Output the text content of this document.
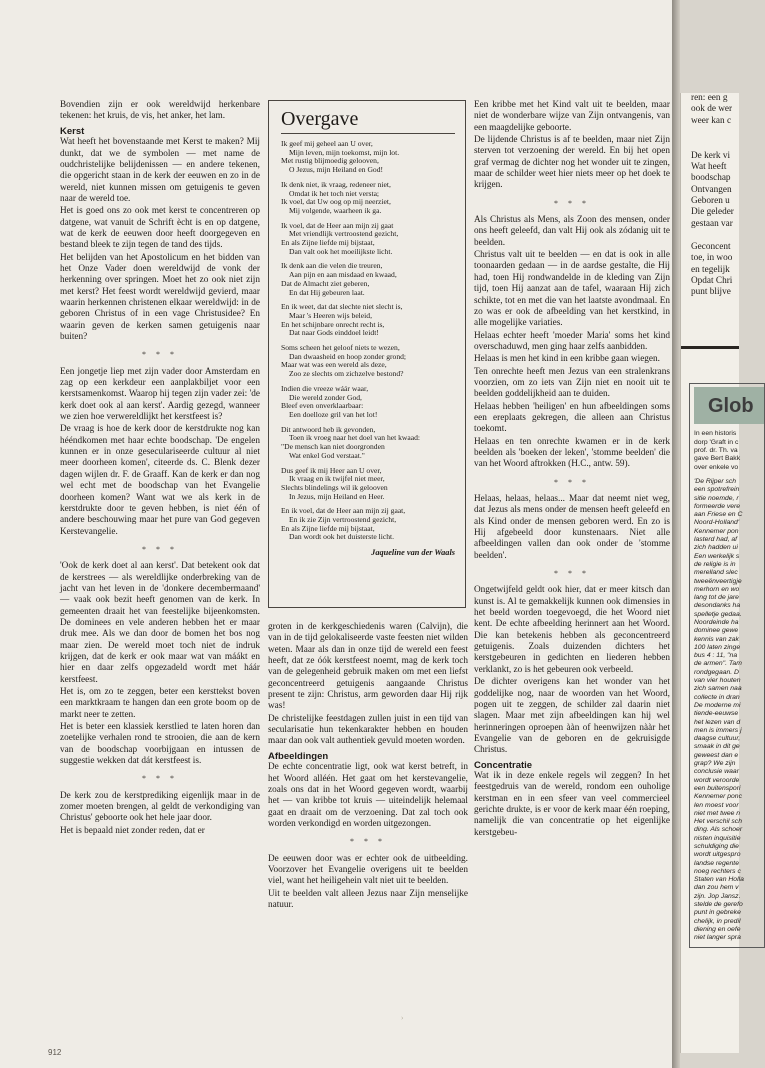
Bovendien zijn er ook wereldwijd herkenbare tekenen: het kruis, de vis, het anker, het lam.

Kerst

Wat heeft het bovenstaande met Kerst te maken? Mij dunkt, dat we de symbolen — met name de oudchristelijke belijdenissen — en andere tekenen, die opgericht staan in de kerk der eeuwen en zo in de wereld, niet kunnen missen om getuigenis te geven naar de wereld toe.

Het is goed ons zo ook met kerst te concentreren op datgene, wat vanuit de Schrift ècht is en op datgene, wat de kerk de eeuwen door heeft doorgegeven en bestand bleek te zijn tegen de tand des tijds.

Het belijden van het Apostolicum en het bidden van het Onze Vader doen wereldwijd de vonk der herkenning over springen. Moet het zo ook niet zijn met kerst? Het feest wordt wereldwijd gevierd, maar waarin herkennen christenen elkaar wereldwijd: in de geboren Christus of in een vage Christusidee? En waarin geven de kerken samen getuigenis naar buiten?

* * *

Een jongetje liep met zijn vader door Amsterdam en zag op een kerkdeur een aanplakbiljet voor een kerstsamenkomst. Waarop hij tegen zijn vader zei: 'de kerk doet ook al aan kerst'. Aardig gezegd, wanneer we zien hoe verwereldlijkt het kerstfeest is?

De vraag is hoe de kerk door de kerstdrukte nog kan hééndkomen met haar echte boodschap. 'De engelen kunnen er in onze geseculariseerde cultuur al niet meer doorheen komen', citeerde ds. C. Blenk dezer dagen wijlen dr. F. de Graaff. Kan de kerk er dan nog wel echt met de boodschap van het Evangelie doorheen komen? Want wat we als kerk in de kerstdrukte door te geven hebben, is niet één of andere beschouwing maar het pure van God gegeven Kerstevangelie.

* * *

'Ook de kerk doet al aan kerst'. Dat betekent ook dat de kerstrees — als wereldlijke onderbreking van de jacht van het leven in de 'donkere decembermaand' — vaak ook bezit heeft genomen van de kerk. In gemeenten draait het van feestelijke bijeenkomsten. De dominees en vele anderen hebben het er maar druk mee. Als we dan door de bomen het bos nog maar zien. De wereld moet toch niet de indruk krijgen, dat de kerk er ook maar wat van máákt en hier en daar zelfs opgezadeld wordt met háár kerstfeest.

Het is, om zo te zeggen, beter een kersttekst boven een marktkraam te hangen dan een grote boom op de markt neer te zetten.

Het is beter een klassiek kerstlied te laten horen dan zoetelijke verhalen rond te strooien, die aan de kern van de boodschap voorbijgaan en intussen de suggestie wekken dat dát kerstfeest is.

* * *

De kerk zou de kerstprediking eigenlijk maar in de zomer moeten brengen, al geldt de verkondiging van Christus' geboorte ook het hele jaar door.

Het is bepaald niet zonder reden, dat er

Overgave
Ik geef mij geheel aan U over,
Mijn leven, mijn toekomst, mijn lot.
Met rustig blijmoedig gelooven,
O Jezus, mijn Heiland en God!
Ik denk niet, ik vraag, redeneer niet,
Omdat ik het toch niet versta;
Ik voel, dat Uw oog op mij neerziet,
Mij volgende, waarheen ik ga.
Ik voel, dat de Heer aan mijn zij gaat
Met vriendlijk vertroostend gezicht,
En als Zijne liefde mij bijstaat,
Dan valt ook het moeilijkste licht.
Ik denk aan die velen die treuren,
Aan pijn en aan misdaad en kwaad,
Dat de Almacht ziet geberen,
En dat Hij gebeuren laat.
En ik weet, dat dat slechte niet slecht is,
Maar 's Heeren wijs beleid,
En het schijnbare onrecht recht is,
Dat naar Gods einddoel leidt!
Soms scheen het geloof niets te wezen,
Dan dwaasheid en hoop zonder grond;
Maar wat was een wereld als deze,
Zoo ze slechts om zichzelve bestond?
Indien die vreeze wáár waar,
Die wereld zonder God,
Bleef even onverklaarbaar:
Een doelloze gril van het lot!
Dit antwoord heb ik gevonden,
Toen ik vroeg naar het doel van het kwaad:
"De mensch kan niet doorgronden
Wat enkel God verstaat."
Dus geef ik mij Heer aan U over,
Ik vraag en ik twijfel niet meer,
Slechts blindelings wil ik gelooven
In Jezus, mijn Heiland en Heer.
En ik voel, dat de Heer aan mijn zij gaat,
En ik zie Zijn vertroostend gezicht,
En als Zijne liefde mij bijstaat,
Dan wordt ook het duisterste licht.
Jaqueline van der Waals

groten in de kerkgeschiedenis waren (Calvijn), die van in de tijd gelokaliseerde vaste feesten niet wilden weten. Maar als dan in onze tijd de wereld een feest heeft, dat ze óók kerstfeest noemt, mag de kerk toch van de gelegenheid gebruik maken om met een liefst geconcentreerd getuigenis aangaande Christus present te zijn: Christus, arm geworden daar Hij rijk was!

De christelijke feestdagen zullen juist in een tijd van secularisatie hun tekenkarakter hebben en houden maar dan ook valt authentiek gevuld moeten worden.

Afbeeldingen

De echte concentratie ligt, ook wat kerst betreft, in het Woord alléén. Het gaat om het kerstevangelie, zoals ons dat in het Woord gegeven wordt, waarbij het — van kribbe tot kruis — uiteindelijk helemaal gaat en draait om de verzoening. Dat zal toch ook worden verkondigd en worden uitgezongen.

* * *

De eeuwen door was er echter ook de uitbeelding. Voorzover het Evangelie overigens uit te beelden viel, want het heiligehein valt niet uit te beelden.

Uit te beelden valt alleen Jezus naar Zijn menselijke natuur.

Een kribbe met het Kind valt uit te beelden, maar niet de wonderbare wijze van Zijn ontvangenis, van een maagdelijke geboorte.

De lijdende Christus is af te beelden, maar niet Zijn sterven tot verzoening der wereld. En bij het open graf vermag de dichter nog het wonder uit te zingen, maar de schilder weet hier niets meer op het doek te krijgen.

* * *

Als Christus als Mens, als Zoon des mensen, onder ons heeft geleefd, dan valt Hij ook als zódanig uit te beelden.

Christus valt uit te beelden — en dat is ook in alle toonaarden gedaan — in de aardse gestalte, die Hij had, toen Hij rondwandelde in de kleding van Zijn tijd, toen Hij aanzat aan de tafel, waaraan Hij zich schikte, tot en met die van het laatste avondmaal. En zo was er ook de afbeelding van het kerstkind, in alle mogelijke variaties.

Helaas echter heeft 'moeder Maria' soms het kind overschaduwd, men ging haar zelfs aanbidden.

Helaas is men het kind in een kribbe gaan wiegen.

Ten onrechte heeft men Jezus van een stralenkrans voorzien, om zo iets van Zijn niet en nooit uit te beelden goddelijkheid aan te duiden.

Helaas hebben 'heiligen' en hun afbeeldingen soms een ereplaats gekregen, die alleen aan Christus toekomt.

Helaas en ten onrechte kwamen er in de kerk beelden als 'boeken der leken', 'stomme beelden' die van het Woord aftrokken (H.C., antw. 59).

* * *

Helaas, helaas, helaas... Maar dat neemt niet weg, dat Jezus als mens onder de mensen heeft geleefd en als Kind onder de mensen geboren werd. En zo is Hij afgebeeld door kunstenaars. Niet alle afbeeldingen vallen dan ook onder de 'stomme beelden'.

* * *

Ongetwijfeld geldt ook hier, dat er meer kitsch dan kunst is. Al te gemakkelijk kunnen ook dimensies in het beeld worden toegevoegd, die het Woord niet kent. De echte afbeelding herinnert aan het Woord. Die kan betekenis hebben als geconcentreerd getuigenis. Zoals duizenden dichters het kerstgebeuren in gedichten en liederen hebben verklankt, zo is het gebeuren ook verbeeld.

De dichter overigens kan het wonder van het goddelijke nog, naar de woorden van het Woord, pogen uit te zeggen, de schilder zal daarin niet slagen. Maar met zijn afbeeldingen kan hij wel herinneringen oproepen ààn of heenwijzen nààr het Evangelie van de geboren en de gekruisigde Christus.

Concentratie

Wat ik in deze enkele regels wil zeggen? In het feestgedruis van de wereld, rondom een ouholige kerstman en in een sfeer van veel commercieel gerichte drukte, is er voor de kerk maar één roeping, namelijk die van concentratie op het eigenlijke kerstgebeu-

912
›
ren: een g
ook de wer
weer kan c
De kerk vi
Wat heeft
boodschap
Ontvangen
Geboren u
Die geleder
gestaan var
Geconcent
toe, in woo
en tegelijk
Opdat Chri
punt blijve
Glob
In een historis
dorp 'Graft in c
prof. dr. Th. va
gave Bert Bakk
over enkele vo
'De Rijper sch
een spotrefrein
sitie noemde, r
formeerde vere
aan Friese en C
Noord-Holland'
Kennemer pon
lasterd had, af
zich hadden ui
Een werkelijk s
de religie is in
merelland slec
tweeënveertigje
merhorn en wo
lang tot de jare
desondanks ha
spelletje gedaa.
Noordeinde ha
dominee gewe
kennis van zak
100 laten zinge
bus 4 : 11, "na
de armen". Tam
rondgegaan. D
van vier houten
zich samen naa
collecte in dran
De moderne mi
tiende-eeuwse
het lezen van d
men is immers j
daagse cultuur,
smaak in dit ge
geweest dan e
grap? We zijn
conclusie waar
wordt veroorde
een buitenspori
Kennemer ponc
len moest voor
niet met twee n
Het verschil sch
ding. Als schoer
nisten inquisitie
schuldiging die
wordt uitgespro
landse regente
noeg rechters c
Staten van Holla
dan zou hem v
zijn. Jop Jansz.
stelde de gerefo
punt in gebreke
chelijk, in predil
diening en oefe
niet langer spra
